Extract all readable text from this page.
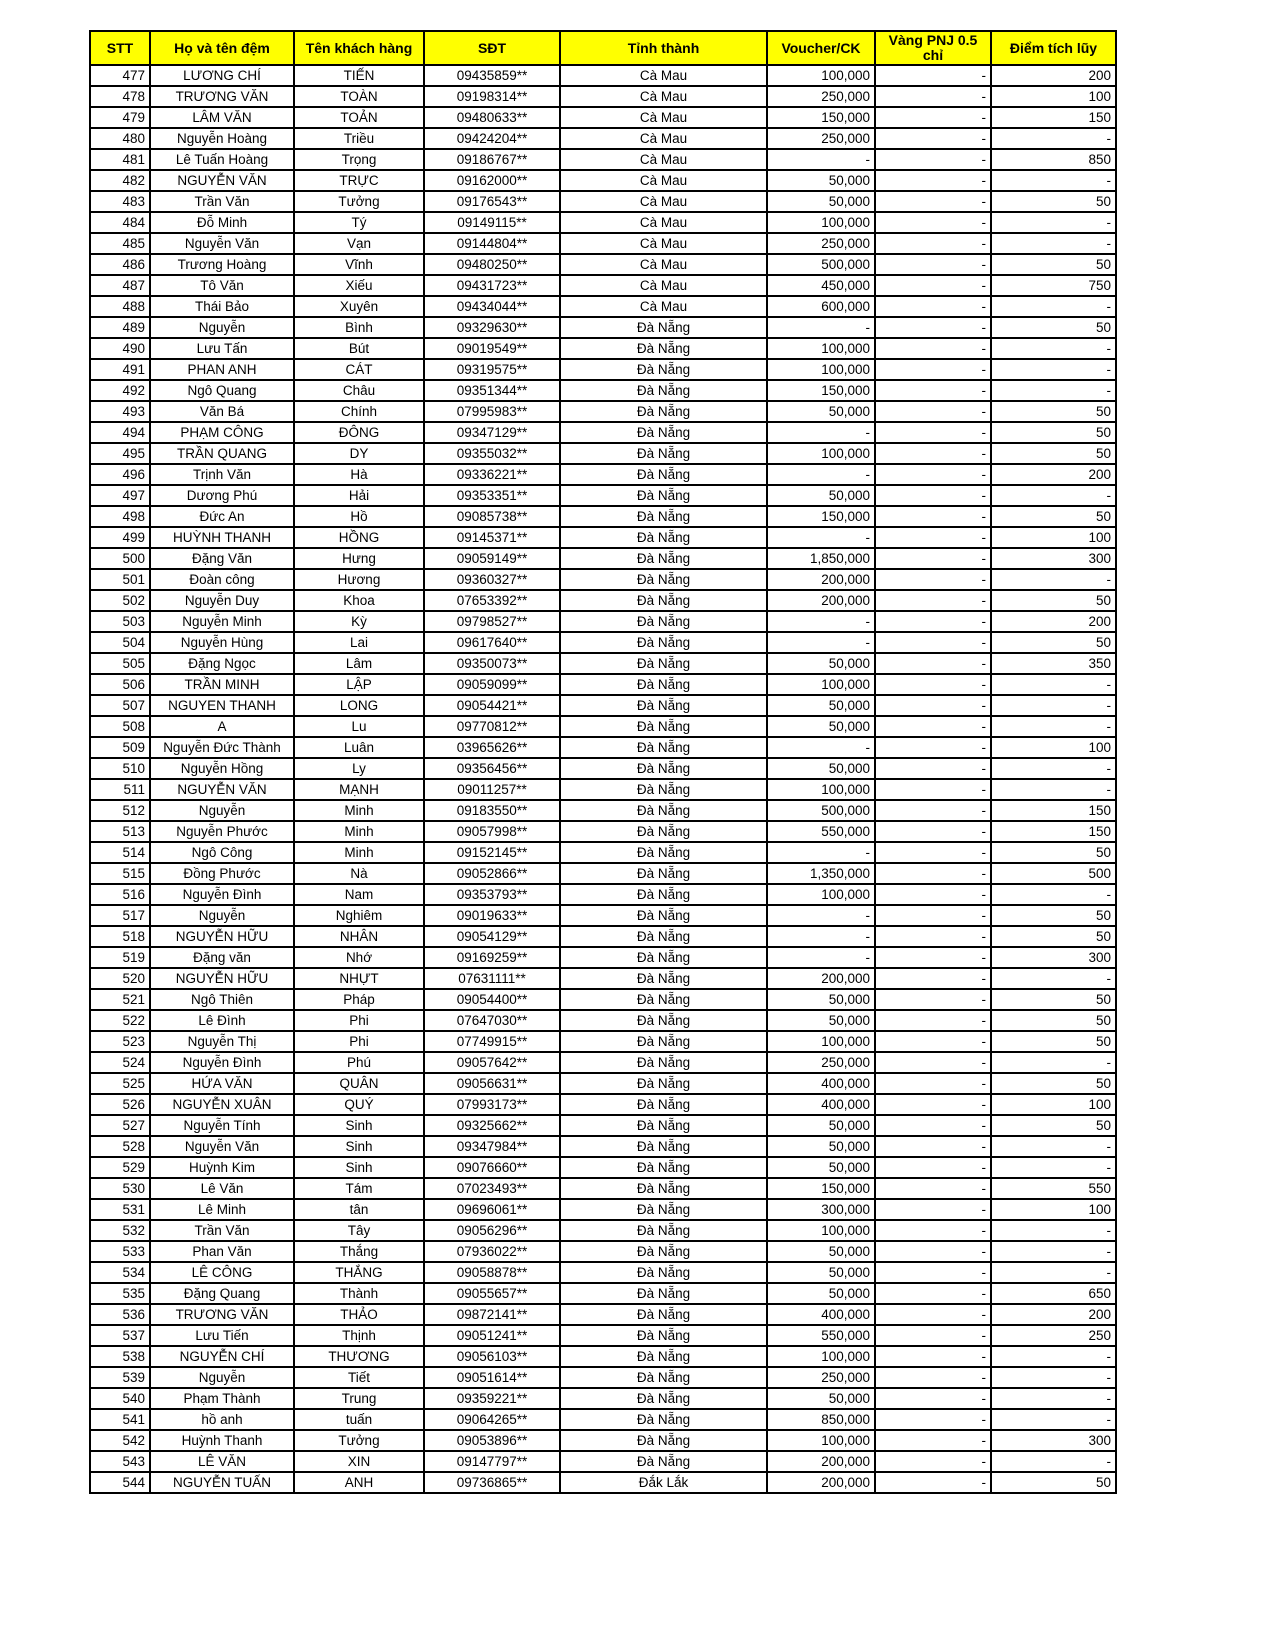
STT	Họ và tên đệm	Tên khách hàng	SĐT	Tỉnh thành	Voucher/CK	Vàng PNJ 0.5 chỉ	Điểm tích lũy
477	LƯƠNG CHÍ	TIẾN	09435859**	Cà Mau	100,000	-	200
478	TRƯƠNG VĂN	TOÀN	09198314**	Cà Mau	250,000	-	100
479	LÂM VĂN	TOẢN	09480633**	Cà Mau	150,000	-	150
480	Nguyễn Hoàng	Triều	09424204**	Cà Mau	250,000	-	-
481	Lê Tuấn Hoàng	Trọng	09186767**	Cà Mau	-	-	850
482	NGUYỄN VĂN	TRỰC	09162000**	Cà Mau	50,000	-	-
483	Trần Văn	Tưởng	09176543**	Cà Mau	50,000	-	50
484	Đỗ Minh	Tý	09149115**	Cà Mau	100,000	-	-
485	Nguyễn Văn	Vạn	09144804**	Cà Mau	250,000	-	-
486	Trương Hoàng	Vĩnh	09480250**	Cà Mau	500,000	-	50
487	Tô Văn	Xiếu	09431723**	Cà Mau	450,000	-	750
488	Thái Bảo	Xuyên	09434044**	Cà Mau	600,000	-	-
489	Nguyễn	Bình	09329630**	Đà Nẵng	-	-	50
490	Lưu Tấn	Bút	09019549**	Đà Nẵng	100,000	-	-
491	PHAN ANH	CÁT	09319575**	Đà Nẵng	100,000	-	-
492	Ngô Quang	Châu	09351344**	Đà Nẵng	150,000	-	-
493	Văn Bá	Chính	07995983**	Đà Nẵng	50,000	-	50
494	PHẠM CÔNG	ĐÔNG	09347129**	Đà Nẵng	-	-	50
495	TRẦN QUANG	DY	09355032**	Đà Nẵng	100,000	-	50
496	Trịnh Văn	Hà	09336221**	Đà Nẵng	-	-	200
497	Dương Phú	Hải	09353351**	Đà Nẵng	50,000	-	-
498	Đức An	Hồ	09085738**	Đà Nẵng	150,000	-	50
499	HUỲNH THANH	HỒNG	09145371**	Đà Nẵng	-	-	100
500	Đặng Văn	Hưng	09059149**	Đà Nẵng	1,850,000	-	300
501	Đoàn công	Hương	09360327**	Đà Nẵng	200,000	-	-
502	Nguyễn Duy	Khoa	07653392**	Đà Nẵng	200,000	-	50
503	Nguyễn Minh	Kỳ	09798527**	Đà Nẵng	-	-	200
504	Nguyễn Hùng	Lai	09617640**	Đà Nẵng	-	-	50
505	Đặng Ngọc	Lâm	09350073**	Đà Nẵng	50,000	-	350
506	TRẦN MINH	LẬP	09059099**	Đà Nẵng	100,000	-	-
507	NGUYEN THANH	LONG	09054421**	Đà Nẵng	50,000	-	-
508	A	Lu	09770812**	Đà Nẵng	50,000	-	-
509	Nguyễn Đức Thành	Luân	03965626**	Đà Nẵng	-	-	100
510	Nguyễn Hồng	Ly	09356456**	Đà Nẵng	50,000	-	-
511	NGUYỄN VĂN	MẠNH	09011257**	Đà Nẵng	100,000	-	-
512	Nguyễn	Minh	09183550**	Đà Nẵng	500,000	-	150
513	Nguyễn Phước	Minh	09057998**	Đà Nẵng	550,000	-	150
514	Ngô Công	Minh	09152145**	Đà Nẵng	-	-	50
515	Đồng Phước	Nà	09052866**	Đà Nẵng	1,350,000	-	500
516	Nguyễn Đình	Nam	09353793**	Đà Nẵng	100,000	-	-
517	Nguyễn	Nghiêm	09019633**	Đà Nẵng	-	-	50
518	NGUYỄN HỮU	NHÂN	09054129**	Đà Nẵng	-	-	50
519	Đặng văn	Nhớ	09169259**	Đà Nẵng	-	-	300
520	NGUYỄN HỮU	NHỰT	07631111**	Đà Nẵng	200,000	-	-
521	Ngô Thiên	Pháp	09054400**	Đà Nẵng	50,000	-	50
522	Lê Đình	Phi	07647030**	Đà Nẵng	50,000	-	50
523	Nguyễn Thị	Phi	07749915**	Đà Nẵng	100,000	-	50
524	Nguyễn Đình	Phú	09057642**	Đà Nẵng	250,000	-	-
525	HỨA VĂN	QUÂN	09056631**	Đà Nẵng	400,000	-	50
526	NGUYỄN XUÂN	QUÝ	07993173**	Đà Nẵng	400,000	-	100
527	Nguyễn Tính	Sinh	09325662**	Đà Nẵng	50,000	-	50
528	Nguyễn Văn	Sinh	09347984**	Đà Nẵng	50,000	-	-
529	Huỳnh Kim	Sinh	09076660**	Đà Nẵng	50,000	-	-
530	Lê Văn	Tám	07023493**	Đà Nẵng	150,000	-	550
531	Lê Minh	tân	09696061**	Đà Nẵng	300,000	-	100
532	Trần Văn	Tây	09056296**	Đà Nẵng	100,000	-	-
533	Phan Văn	Thắng	07936022**	Đà Nẵng	50,000	-	-
534	LÊ CÔNG	THẮNG	09058878**	Đà Nẵng	50,000	-	-
535	Đặng Quang	Thành	09055657**	Đà Nẵng	50,000	-	650
536	TRƯƠNG VĂN	THẢO	09872141**	Đà Nẵng	400,000	-	200
537	Lưu Tiến	Thịnh	09051241**	Đà Nẵng	550,000	-	250
538	NGUYỄN CHÍ	THƯƠNG	09056103**	Đà Nẵng	100,000	-	-
539	Nguyễn	Tiết	09051614**	Đà Nẵng	250,000	-	-
540	Phạm Thành	Trung	09359221**	Đà Nẵng	50,000	-	-
541	hồ anh	tuấn	09064265**	Đà Nẵng	850,000	-	-
542	Huỳnh Thanh	Tưởng	09053896**	Đà Nẵng	100,000	-	300
543	LÊ VĂN	XIN	09147797**	Đà Nẵng	200,000	-	-
544	NGUYỄN TUẤN	ANH	09736865**	Đắk Lắk	200,000	-	50
